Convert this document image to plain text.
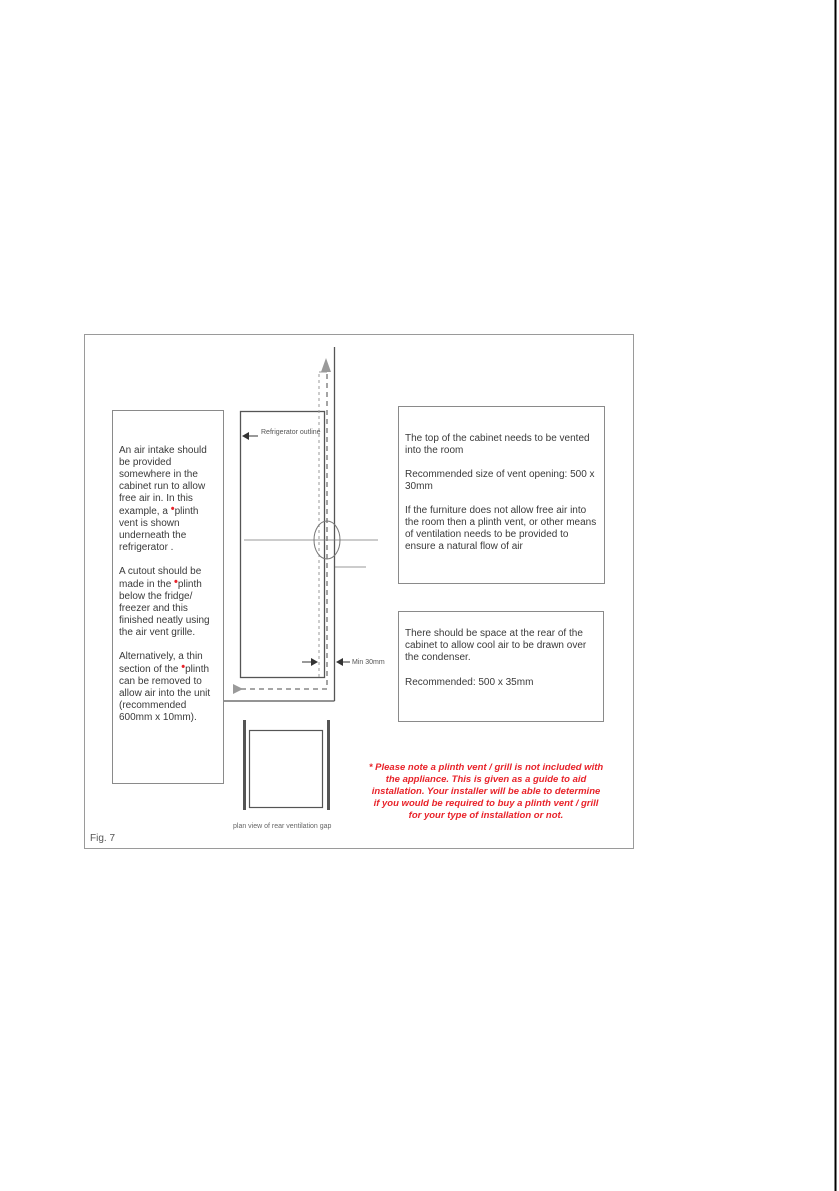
Refrigerator outline
Min 30mm

An air intake should be provided somewhere in the cabinet run to allow free air in. In this example, a •plinth vent is shown underneath the refrigerator .

A cutout should be made in the •plinth below the fridge/ freezer and this finished neatly using the air vent grille.

Alternatively, a thin section of the •plinth can be removed to allow air into the unit (recommended 600mm x 10mm).

The top of the cabinet needs to be vented into the room

Recommended size of vent opening: 500 x 30mm

If the furniture does not allow free air into the room then a plinth vent, or other means of ventilation needs to be provided to ensure a natural flow of air

There should be space at the rear of the cabinet to allow cool air to be drawn over the condenser.

Recommended: 500 x 35mm

* Please note a plinth vent / grill is not included with the appliance. This is given as a guide to aid installation. Your installer will be able to determine if you would be required to buy a plinth vent / grill for your type of installation or not.
plan view of rear ventilation gap
Fig. 7
